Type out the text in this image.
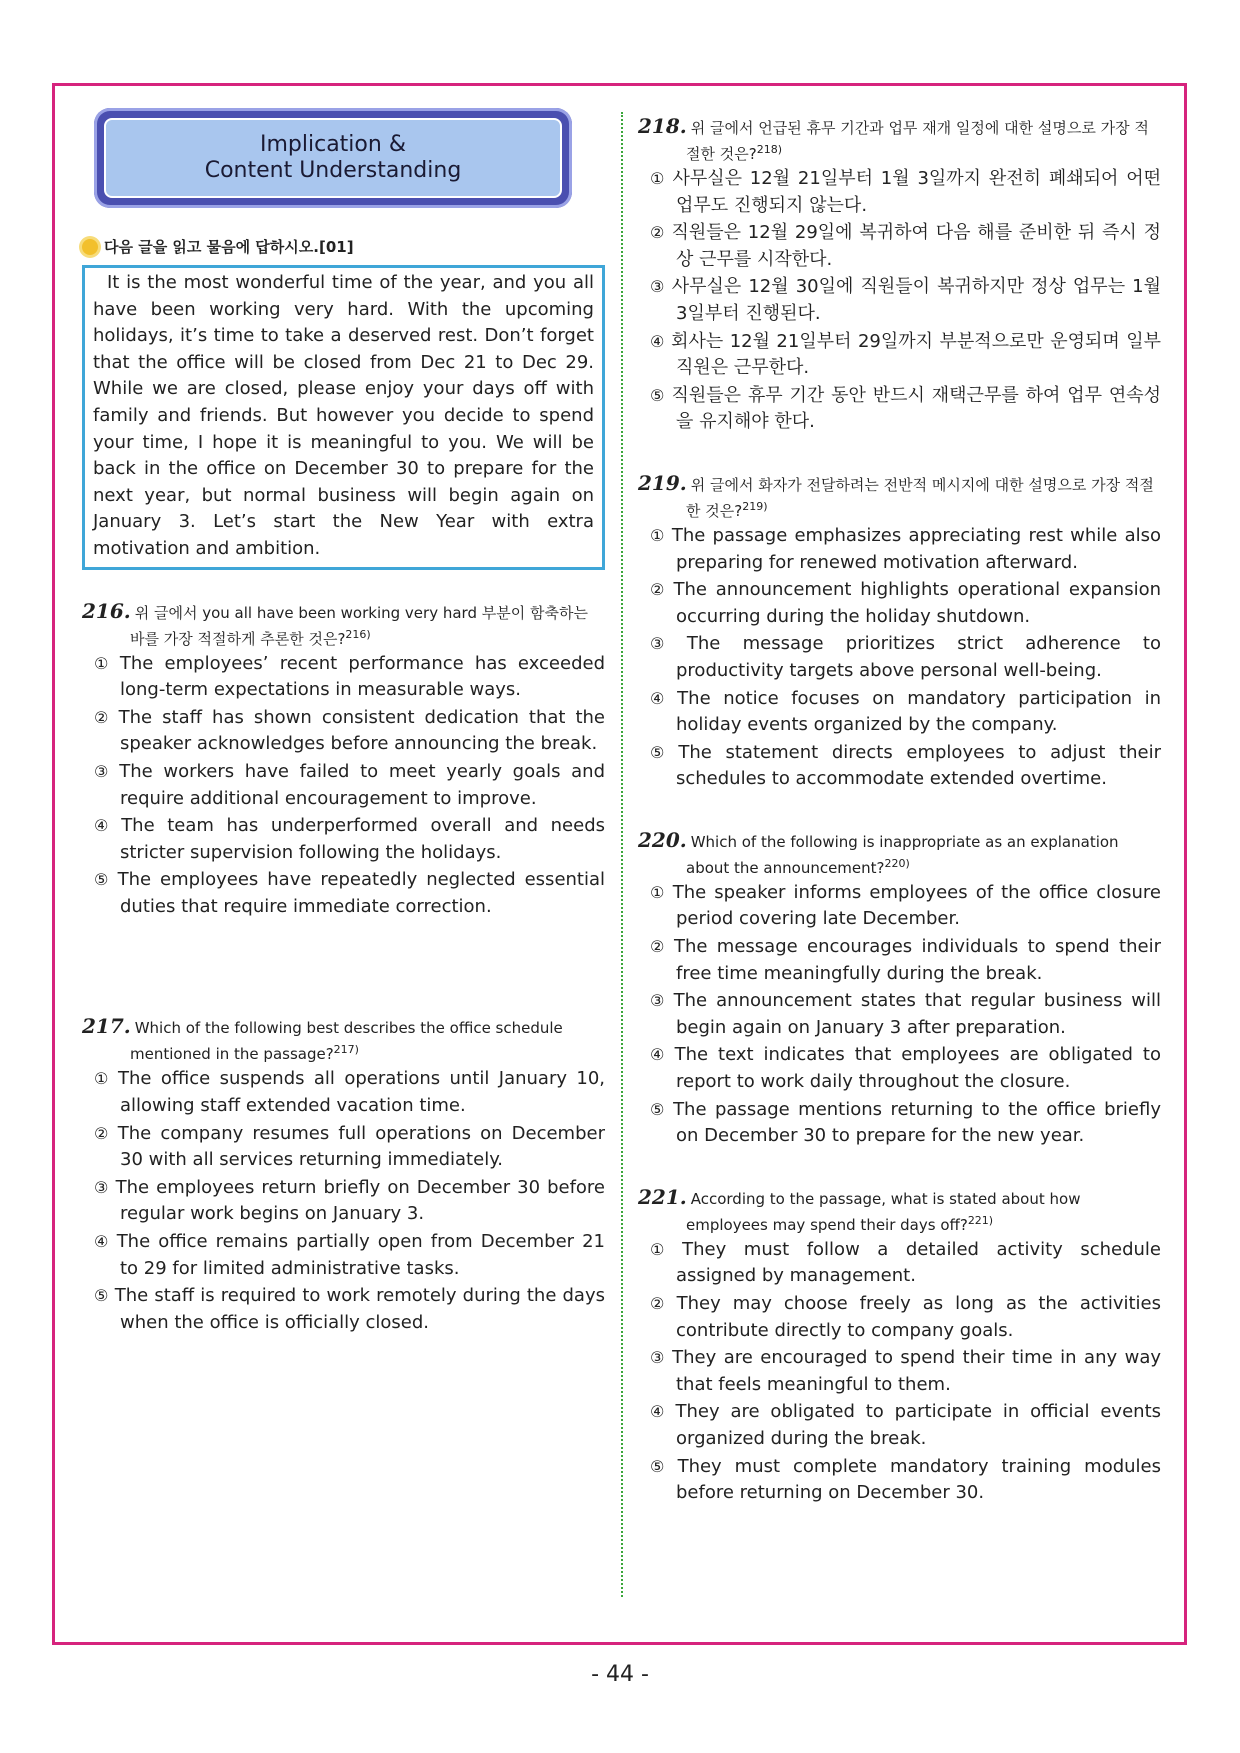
Implication &
Content Understanding
다음 글을 읽고 물음에 답하시오.[01]
It is the most wonderful time of the year, and you all have been working very hard. With the upcoming holidays, it’s time to take a deserved rest. Don’t forget that the office will be closed from Dec 21 to Dec 29. While we are closed, please enjoy your days off with family and friends. But however you decide to spend your time, I hope it is meaningful to you. We will be back in the office on December 30 to prepare for the next year, but normal business will begin again on January 3. Let’s start the New Year with extra motivation and ambition.
216. 위 글에서 you all have been working very hard 부분이 함축하는 바를 가장 적절하게 추론한 것은?$^{216)}$
① The employees’ recent performance has exceeded long-term expectations in measurable ways.
② The staff has shown consistent dedication that the speaker acknowledges before announcing the break.
③ The workers have failed to meet yearly goals and require additional encouragement to improve.
④ The team has underperformed overall and needs stricter supervision following the holidays.
⑤ The employees have repeatedly neglected essential duties that require immediate correction.
217. Which of the following best describes the office schedule mentioned in the passage?$^{217)}$
① The office suspends all operations until January 10, allowing staff extended vacation time.
② The company resumes full operations on December 30 with all services returning immediately.
③ The employees return briefly on December 30 before regular work begins on January 3.
④ The office remains partially open from December 21 to 29 for limited administrative tasks.
⑤ The staff is required to work remotely during the days when the office is officially closed.
218. 위 글에서 언급된 휴무 기간과 업무 재개 일정에 대한 설명으로 가장 적절한 것은?$^{218)}$
① 사무실은 12월 21일부터 1월 3일까지 완전히 폐쇄되어 어떤 업무도 진행되지 않는다.
② 직원들은 12월 29일에 복귀하여 다음 해를 준비한 뒤 즉시 정상 근무를 시작한다.
③ 사무실은 12월 30일에 직원들이 복귀하지만 정상 업무는 1월 3일부터 진행된다.
④ 회사는 12월 21일부터 29일까지 부분적으로만 운영되며 일부 직원은 근무한다.
⑤ 직원들은 휴무 기간 동안 반드시 재택근무를 하여 업무 연속성을 유지해야 한다.
219. 위 글에서 화자가 전달하려는 전반적 메시지에 대한 설명으로 가장 적절한 것은?$^{219)}$
① The passage emphasizes appreciating rest while also preparing for renewed motivation afterward.
② The announcement highlights operational expansion occurring during the holiday shutdown.
③ The message prioritizes strict adherence to productivity targets above personal well-being.
④ The notice focuses on mandatory participation in holiday events organized by the company.
⑤ The statement directs employees to adjust their schedules to accommodate extended overtime.
220. Which of the following is inappropriate as an explanation about the announcement?$^{220)}$
① The speaker informs employees of the office closure period covering late December.
② The message encourages individuals to spend their free time meaningfully during the break.
③ The announcement states that regular business will begin again on January 3 after preparation.
④ The text indicates that employees are obligated to report to work daily throughout the closure.
⑤ The passage mentions returning to the office briefly on December 30 to prepare for the new year.
221. According to the passage, what is stated about how employees may spend their days off?$^{221)}$
① They must follow a detailed activity schedule assigned by management.
② They may choose freely as long as the activities contribute directly to company goals.
③ They are encouraged to spend their time in any way that feels meaningful to them.
④ They are obligated to participate in official events organized during the break.
⑤ They must complete mandatory training modules before returning on December 30.
- 44 -
